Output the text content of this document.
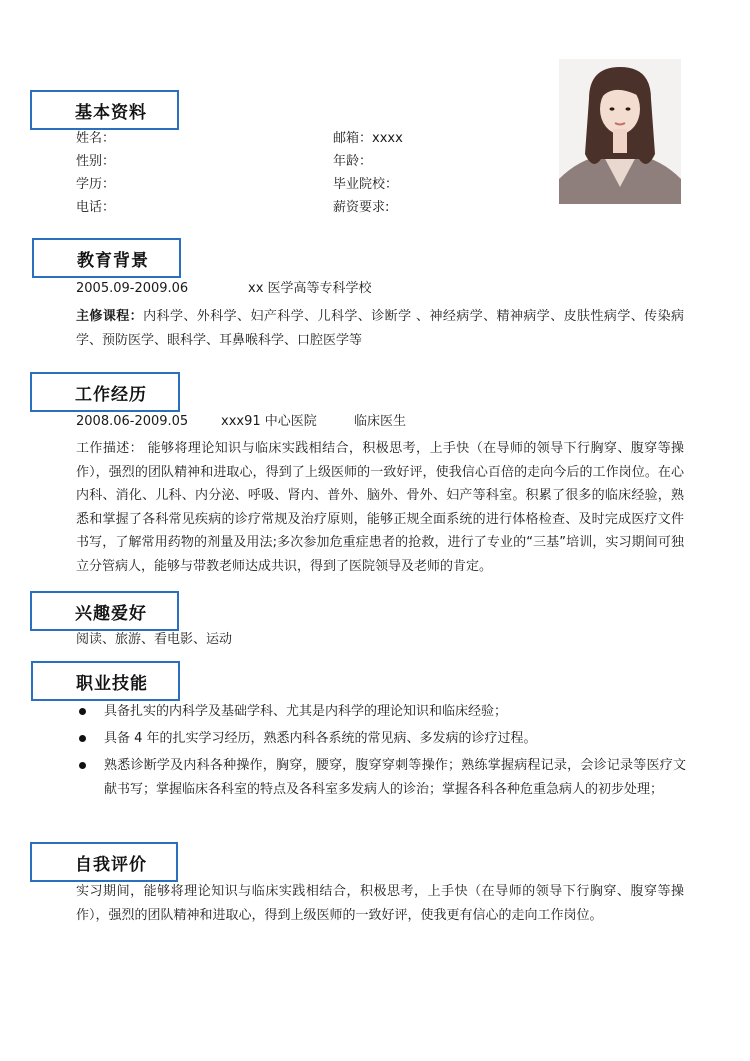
基本资料
姓名：	邮箱：xxxx
性别：	年龄：
学历：	毕业院校：
电话：	薪资要求:
教育背景
2005.09-2009.06	xx 医学高等专科学校
主修课程：内科学、外科学、妇产科学、儿科学、诊断学 、神经病学、精神病学、皮肤性病学、传染病学、预防医学、眼科学、耳鼻喉科学、口腔医学等
工作经历
2008.06-2009.05	xxx91 中心医院	临床医生
工作描述： 能够将理论知识与临床实践相结合，积极思考，上手快（在导师的领导下行胸穿、腹穿等操作），强烈的团队精神和进取心，得到了上级医师的一致好评，使我信心百倍的走向今后的工作岗位。在心内科、消化、儿科、内分泌、呼吸、肾内、普外、脑外、骨外、妇产等科室。积累了很多的临床经验，熟悉和掌握了各科常见疾病的诊疗常规及治疗原则，能够正规全面系统的进行体格检查、及时完成医疗文件书写，了解常用药物的剂量及用法;多次参加危重症患者的抢救，进行了专业的“三基”培训，实习期间可独立分管病人，能够与带教老师达成共识，得到了医院领导及老师的肯定。
兴趣爱好
阅读、旅游、看电影、运动
职业技能
具备扎实的内科学及基础学科、尤其是内科学的理论知识和临床经验；
具备 4 年的扎实学习经历，熟悉内科各系统的常见病、多发病的诊疗过程。
熟悉诊断学及内科各种操作，胸穿，腰穿，腹穿穿刺等操作；熟练掌握病程记录，会诊记录等医疗文献书写；掌握临床各科室的特点及各科室多发病人的诊治；掌握各科各种危重急病人的初步处理；
自我评价
实习期间，能够将理论知识与临床实践相结合，积极思考，上手快（在导师的领导下行胸穿、腹穿等操作），强烈的团队精神和进取心，得到上级医师的一致好评，使我更有信心的走向工作岗位。
